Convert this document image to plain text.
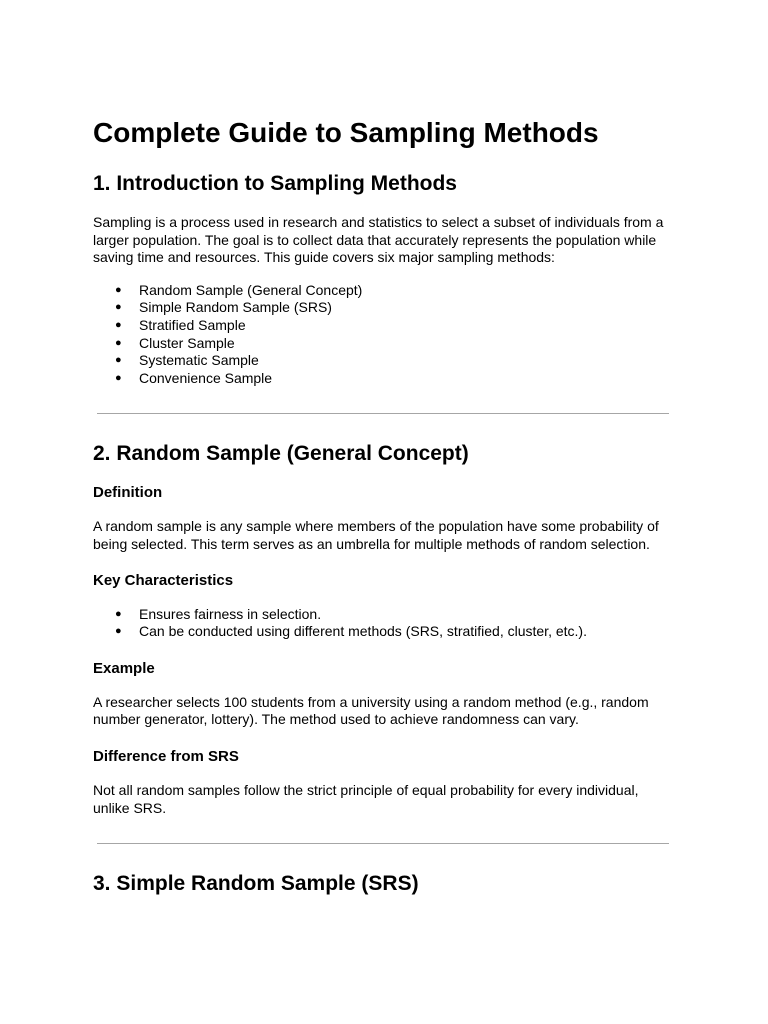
Complete Guide to Sampling Methods
1. Introduction to Sampling Methods

Sampling is a process used in research and statistics to select a subset of individuals from a larger population. The goal is to collect data that accurately represents the population while saving time and resources. This guide covers six major sampling methods:

● Random Sample (General Concept)
● Simple Random Sample (SRS)
● Stratified Sample
● Cluster Sample
● Systematic Sample
● Convenience Sample
2. Random Sample (General Concept)
Definition

A random sample is any sample where members of the population have some probability of being selected. This term serves as an umbrella for multiple methods of random selection.

Key Characteristics
● Ensures fairness in selection.
● Can be conducted using different methods (SRS, stratified, cluster, etc.).
Example

A researcher selects 100 students from a university using a random method (e.g., random number generator, lottery). The method used to achieve randomness can vary.

Difference from SRS

Not all random samples follow the strict principle of equal probability for every individual, unlike SRS.

3. Simple Random Sample (SRS)
